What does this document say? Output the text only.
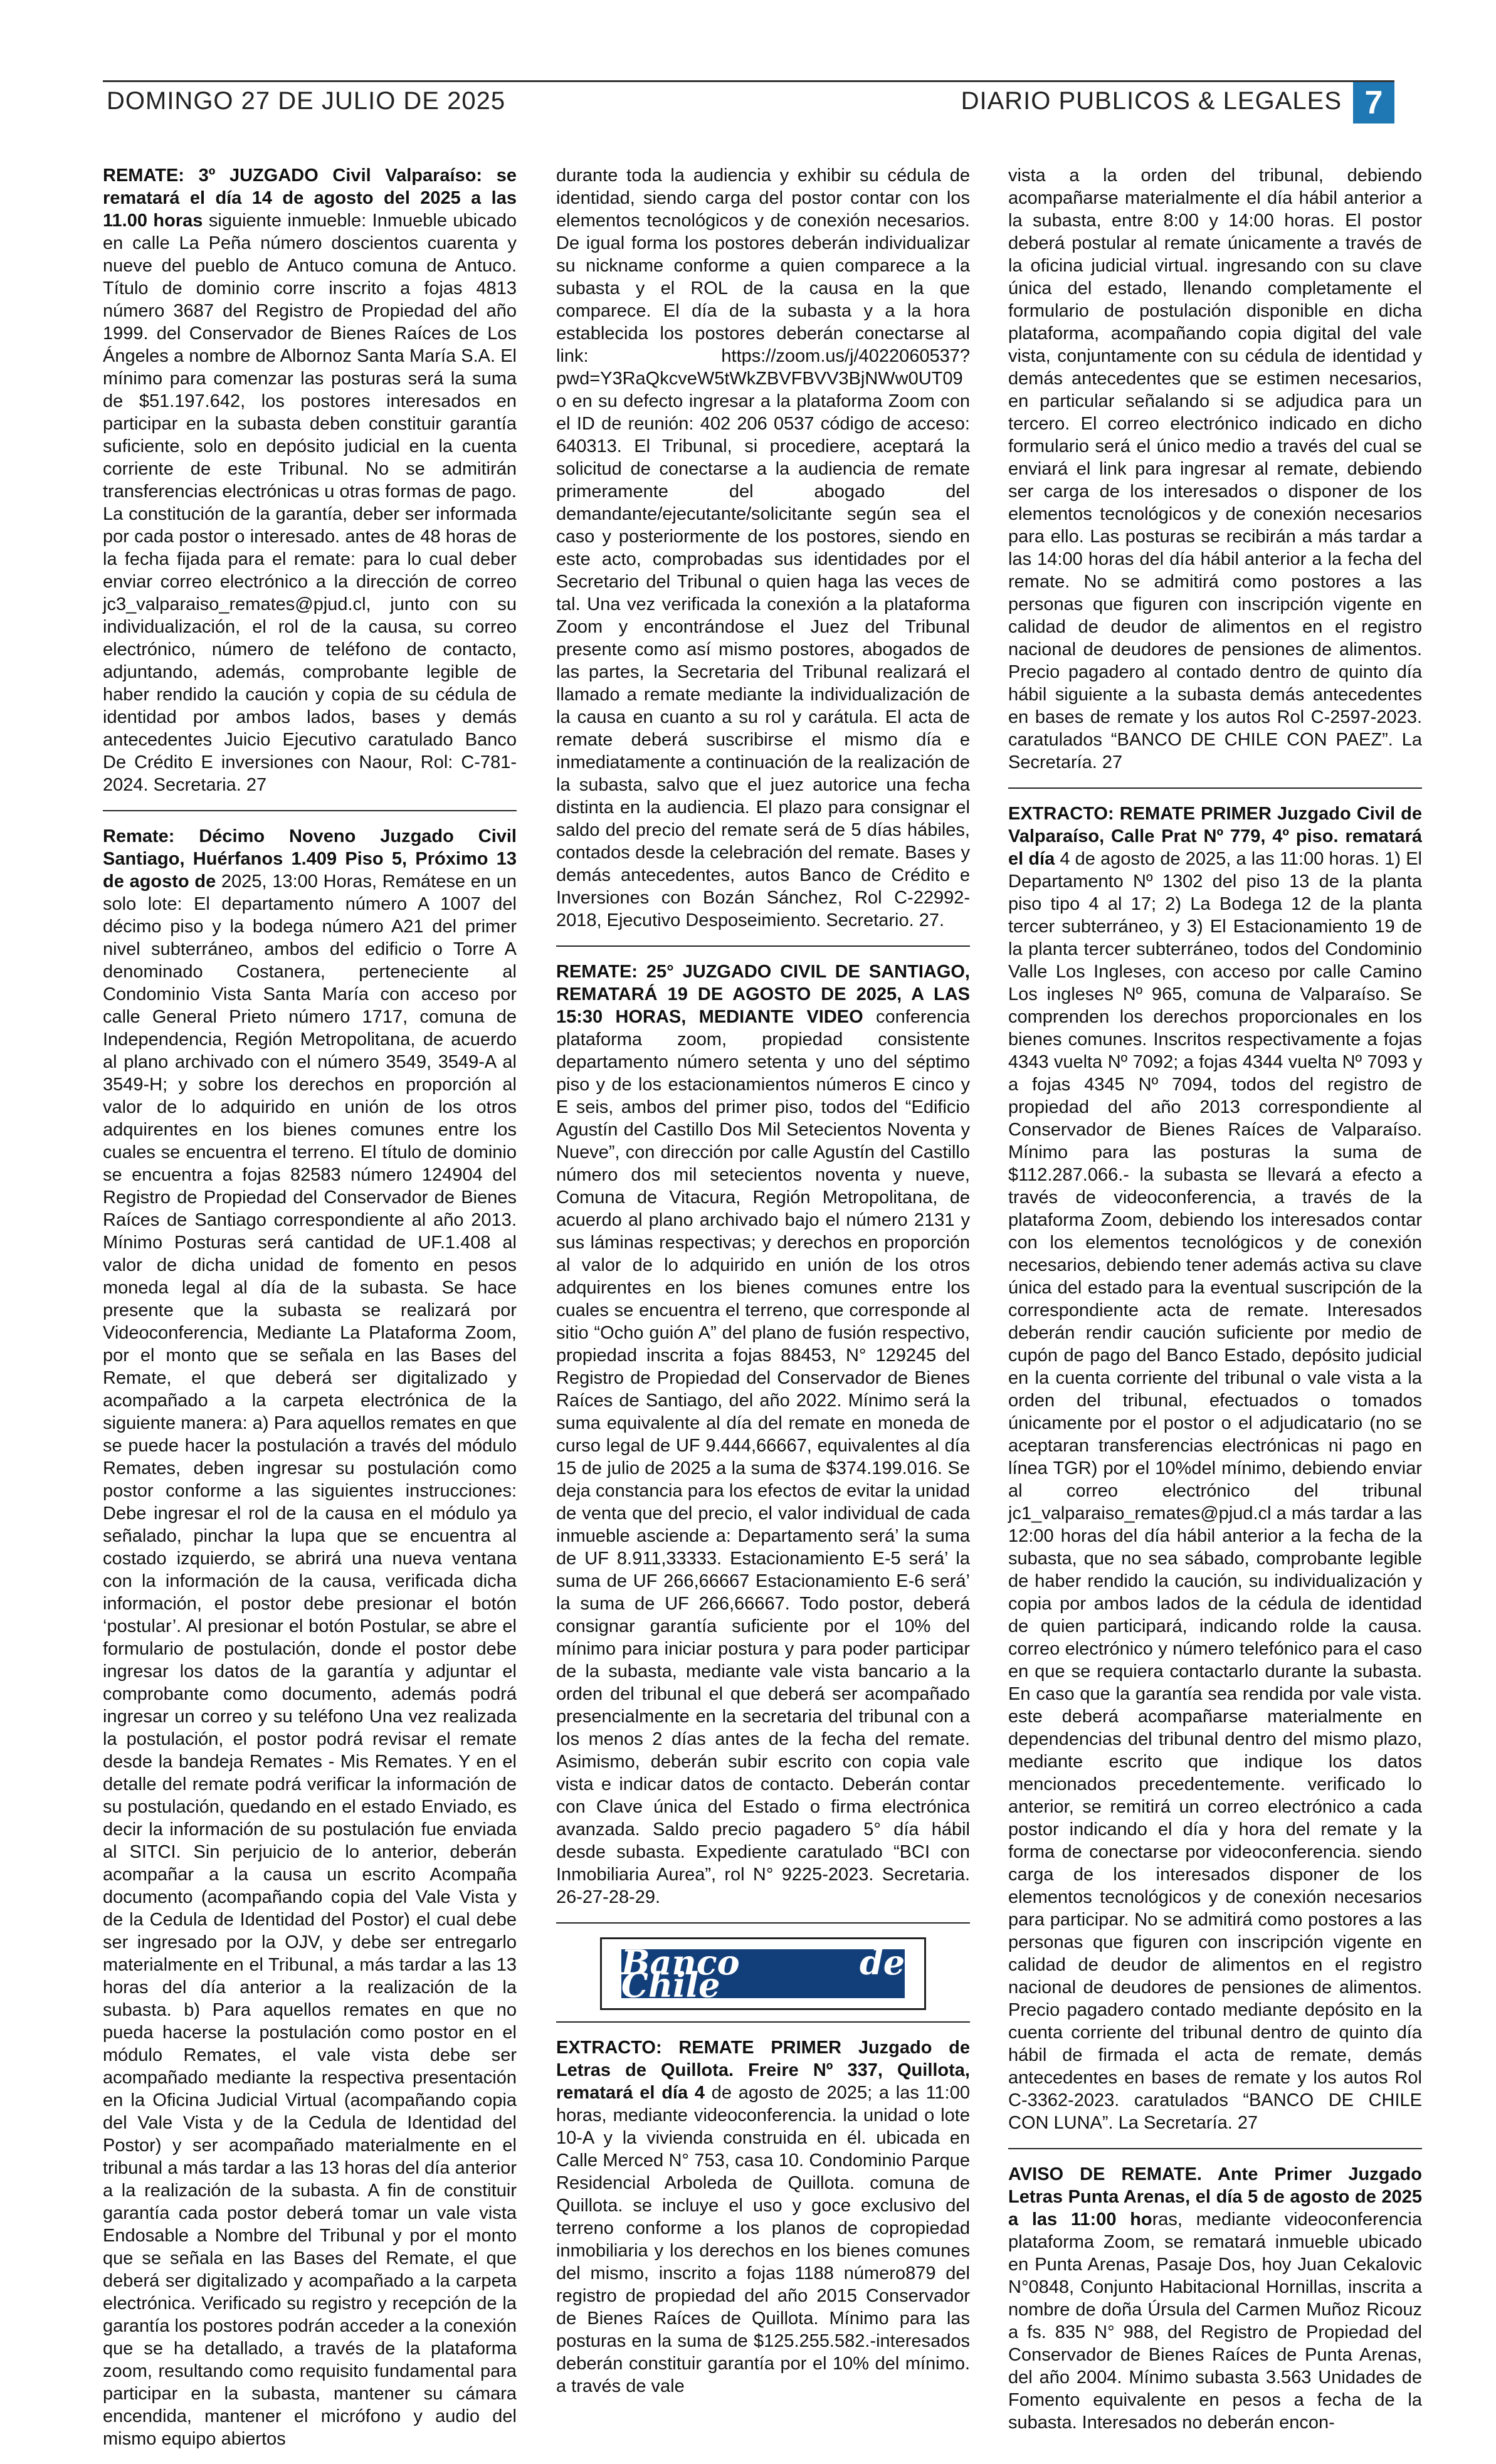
DOMINGO 27 DE JULIO DE 2025	DIARIO PUBLICOS & LEGALES 7

REMATE: 3º JUZGADO Civil Valparaíso: se rematará el día 14 de agosto del 2025 a las 11.00 horas siguiente inmueble: Inmueble ubicado en calle La Peña número doscientos cuarenta y nueve del pueblo de Antuco comuna de Antuco. Título de dominio corre inscrito a fojas 4813 número 3687 del Registro de Propiedad del año 1999. del Conservador de Bienes Raíces de Los Ángeles a nombre de Albornoz Santa María S.A. El mínimo para comenzar las posturas será la suma de $51.197.642, los postores interesados en participar en la subasta deben constituir garantía suficiente, solo en depósito judicial en la cuenta corriente de este Tribunal. No se admitirán transferencias electrónicas u otras formas de pago. La constitución de la garantía, deber ser informada por cada postor o interesado. antes de 48 horas de la fecha fijada para el remate: para lo cual deber enviar correo electrónico a la dirección de correo jc3_valparaiso_remates@pjud.cl, junto con su individualización, el rol de la causa, su correo electrónico, número de teléfono de contacto, adjuntando, además, comprobante legible de haber rendido la caución y copia de su cédula de identidad por ambos lados, bases y demás antecedentes Juicio Ejecutivo caratulado Banco De Crédito E inversiones con Naour, Rol: C-781-2024. Secretaria. 27

Remate: Décimo Noveno Juzgado Civil Santiago, Huérfanos 1.409 Piso 5, Próximo 13 de agosto de 2025, 13:00 Horas, Remátese en un solo lote: El departamento número A 1007 del décimo piso y la bodega número A21 del primer nivel subterráneo, ambos del edificio o Torre A denominado Costanera, perteneciente al Condominio Vista Santa María con acceso por calle General Prieto número 1717, comuna de Independencia, Región Metropolitana, de acuerdo al plano archivado con el número 3549, 3549-A al 3549-H; y sobre los derechos en proporción al valor de lo adquirido en unión de los otros adquirentes en los bienes comunes entre los cuales se encuentra el terreno. El título de dominio se encuentra a fojas 82583 número 124904 del Registro de Propiedad del Conservador de Bienes Raíces de Santiago correspondiente al año 2013. Mínimo Posturas será cantidad de UF.1.408 al valor de dicha unidad de fomento en pesos moneda legal al día de la subasta. Se hace presente que la subasta se realizará por Videoconferencia, Mediante La Plataforma Zoom, por el monto que se señala en las Bases del Remate, el que deberá ser digitalizado y acompañado a la carpeta electrónica de la siguiente manera: a) Para aquellos remates en que se puede hacer la postulación a través del módulo Remates, deben ingresar su postulación como postor conforme a las siguientes instrucciones: Debe ingresar el rol de la causa en el módulo ya señalado, pinchar la lupa que se encuentra al costado izquierdo, se abrirá una nueva ventana con la información de la causa, verificada dicha información, el postor debe presionar el botón ‘postular’. Al presionar el botón Postular, se abre el formulario de postulación, donde el postor debe ingresar los datos de la garantía y adjuntar el comprobante como documento, además podrá ingresar un correo y su teléfono Una vez realizada la postulación, el postor podrá revisar el remate desde la bandeja Remates - Mis Remates. Y en el detalle del remate podrá verificar la información de su postulación, quedando en el estado Enviado, es decir la información de su postulación fue enviada al SITCI. Sin perjuicio de lo anterior, deberán acompañar a la causa un escrito Acompaña documento (acompañando copia del Vale Vista y de la Cedula de Identidad del Postor) el cual debe ser ingresado por la OJV, y debe ser entregarlo materialmente en el Tribunal, a más tardar a las 13 horas del día anterior a la realización de la subasta. b) Para aquellos remates en que no pueda hacerse la postulación como postor en el módulo Remates, el vale vista debe ser acompañado mediante la respectiva presentación en la Oficina Judicial Virtual (acompañando copia del Vale Vista y de la Cedula de Identidad del Postor) y ser acompañado materialmente en el tribunal a más tardar a las 13 horas del día anterior a la realización de la subasta. A fin de constituir garantía cada postor deberá tomar un vale vista Endosable a Nombre del Tribunal y por el monto que se señala en las Bases del Remate, el que deberá ser digitalizado y acompañado a la carpeta electrónica. Verificado su registro y recepción de la garantía los postores podrán acceder a la conexión que se ha detallado, a través de la plataforma zoom, resultando como requisito fundamental para participar en la subasta, mantener su cámara encendida, mantener el micrófono y audio del mismo equipo abiertos

durante toda la audiencia y exhibir su cédula de identidad, siendo carga del postor contar con los elementos tecnológicos y de conexión necesarios. De igual forma los postores deberán individualizar su nickname conforme a quien comparece a la subasta y el ROL de la causa en la que comparece. El día de la subasta y a la hora establecida los postores deberán conectarse al link: https://zoom.us/j/4022060537?pwd=Y3RaQkcveW5tWkZBVFBVV3BjNWw0UT09 o en su defecto ingresar a la plataforma Zoom con el ID de reunión: 402 206 0537 código de acceso: 640313. El Tribunal, si procediere, aceptará la solicitud de conectarse a la audiencia de remate primeramente del abogado del demandante/ejecutante/solicitante según sea el caso y posteriormente de los postores, siendo en este acto, comprobadas sus identidades por el Secretario del Tribunal o quien haga las veces de tal. Una vez verificada la conexión a la plataforma Zoom y encontrándose el Juez del Tribunal presente como así mismo postores, abogados de las partes, la Secretaria del Tribunal realizará el llamado a remate mediante la individualización de la causa en cuanto a su rol y carátula. El acta de remate deberá suscribirse el mismo día e inmediatamente a continuación de la realización de la subasta, salvo que el juez autorice una fecha distinta en la audiencia. El plazo para consignar el saldo del precio del remate será de 5 días hábiles, contados desde la celebración del remate. Bases y demás antecedentes, autos Banco de Crédito e Inversiones con Bozán Sánchez, Rol C-22992-2018, Ejecutivo Desposeimiento. Secretario. 27.

REMATE: 25° JUZGADO CIVIL DE SANTIAGO, REMATARÁ 19 DE AGOSTO DE 2025, A LAS 15:30 HORAS, MEDIANTE VIDEO conferencia plataforma zoom, propiedad consistente departamento número setenta y uno del séptimo piso y de los estacionamientos números E cinco y E seis, ambos del primer piso, todos del “Edificio Agustín del Castillo Dos Mil Setecientos Noventa y Nueve”, con dirección por calle Agustín del Castillo número dos mil setecientos noventa y nueve, Comuna de Vitacura, Región Metropolitana, de acuerdo al plano archivado bajo el número 2131 y sus láminas respectivas; y derechos en proporción al valor de lo adquirido en unión de los otros adquirentes en los bienes comunes entre los cuales se encuentra el terreno, que corresponde al sitio “Ocho guión A” del plano de fusión respectivo, propiedad inscrita a fojas 88453, N° 129245 del Registro de Propiedad del Conservador de Bienes Raíces de Santiago, del año 2022. Mínimo será la suma equivalente al día del remate en moneda de curso legal de UF 9.444,66667, equivalentes al día 15 de julio de 2025 a la suma de $374.199.016. Se deja constancia para los efectos de evitar la unidad de venta que del precio, el valor individual de cada inmueble asciende a: Departamento será’ la suma de UF 8.911,33333. Estacionamiento E-5 será’ la suma de UF 266,66667 Estacionamiento E-6 será’ la suma de UF 266,66667. Todo postor, deberá consignar garantía suficiente por el 10% del mínimo para iniciar postura y para poder participar de la subasta, mediante vale vista bancario a la orden del tribunal el que deberá ser acompañado presencialmente en la secretaria del tribunal con a los menos 2 días antes de la fecha del remate. Asimismo, deberán subir escrito con copia vale vista e indicar datos de contacto. Deberán contar con Clave única del Estado o firma electrónica avanzada. Saldo precio pagadero 5° día hábil desde subasta. Expediente caratulado “BCI con Inmobiliaria Aurea”, rol N° 9225-2023. Secretaria. 26-27-28-29.

Banco de Chile

EXTRACTO: REMATE PRIMER Juzgado de Letras de Quillota. Freire Nº 337, Quillota, rematará el día 4 de agosto de 2025; a las 11:00 horas, mediante videoconferencia. la unidad o lote 10-A y la vivienda construida en él. ubicada en Calle Merced N° 753, casa 10. Condominio Parque Residencial Arboleda de Quillota. comuna de Quillota. se incluye el uso y goce exclusivo del terreno conforme a los planos de copropiedad inmobiliaria y los derechos en los bienes comunes del mismo, inscrito a fojas 1188 número879 del registro de propiedad del año 2015 Conservador de Bienes Raíces de Quillota. Mínimo para las posturas en la suma de $125.255.582.-interesados deberán constituir garantía por el 10% del mínimo. a través de vale

vista a la orden del tribunal, debiendo acompañarse materialmente el día hábil anterior a la subasta, entre 8:00 y 14:00 horas. El postor deberá postular al remate únicamente a través de la oficina judicial virtual. ingresando con su clave única del estado, llenando completamente el formulario de postulación disponible en dicha plataforma, acompañando copia digital del vale vista, conjuntamente con su cédula de identidad y demás antecedentes que se estimen necesarios, en particular señalando si se adjudica para un tercero. El correo electrónico indicado en dicho formulario será el único medio a través del cual se enviará el link para ingresar al remate, debiendo ser carga de los interesados o disponer de los elementos tecnológicos y de conexión necesarios para ello. Las posturas se recibirán a más tardar a las 14:00 horas del día hábil anterior a la fecha del remate. No se admitirá como postores a las personas que figuren con inscripción vigente en calidad de deudor de alimentos en el registro nacional de deudores de pensiones de alimentos. Precio pagadero al contado dentro de quinto día hábil siguiente a la subasta demás antecedentes en bases de remate y los autos Rol C-2597-2023. caratulados “BANCO DE CHILE CON PAEZ”. La Secretaría. 27

EXTRACTO: REMATE PRIMER Juzgado Civil de Valparaíso, Calle Prat Nº 779, 4º piso. rematará el día 4 de agosto de 2025, a las 11:00 horas. 1) El Departamento Nº 1302 del piso 13 de la planta piso tipo 4 al 17; 2) La Bodega 12 de la planta tercer subterráneo, y 3) El Estacionamiento 19 de la planta tercer subterráneo, todos del Condominio Valle Los Ingleses, con acceso por calle Camino Los ingleses Nº 965, comuna de Valparaíso. Se comprenden los derechos proporcionales en los bienes comunes. Inscritos respectivamente a fojas 4343 vuelta Nº 7092; a fojas 4344 vuelta Nº 7093 y a fojas 4345 Nº 7094, todos del registro de propiedad del año 2013 correspondiente al Conservador de Bienes Raíces de Valparaíso. Mínimo para las posturas la suma de $112.287.066.- la subasta se llevará a efecto a través de videoconferencia, a través de la plataforma Zoom, debiendo los interesados contar con los elementos tecnológicos y de conexión necesarios, debiendo tener además activa su clave única del estado para la eventual suscripción de la correspondiente acta de remate. Interesados deberán rendir caución suficiente por medio de cupón de pago del Banco Estado, depósito judicial en la cuenta corriente del tribunal o vale vista a la orden del tribunal, efectuados o tomados únicamente por el postor o el adjudicatario (no se aceptaran transferencias electrónicas ni pago en línea TGR) por el 10%del mínimo, debiendo enviar al correo electrónico del tribunal jc1_valparaiso_remates@pjud.cl a más tardar a las 12:00 horas del día hábil anterior a la fecha de la subasta, que no sea sábado, comprobante legible de haber rendido la caución, su individualización y copia por ambos lados de la cédula de identidad de quien participará, indicando rolde la causa. correo electrónico y número telefónico para el caso en que se requiera contactarlo durante la subasta. En caso que la garantía sea rendida por vale vista. este deberá acompañarse materialmente en dependencias del tribunal dentro del mismo plazo, mediante escrito que indique los datos mencionados precedentemente. verificado lo anterior, se remitirá un correo electrónico a cada postor indicando el día y hora del remate y la forma de conectarse por videoconferencia. siendo carga de los interesados disponer de los elementos tecnológicos y de conexión necesarios para participar. No se admitirá como postores a las personas que figuren con inscripción vigente en calidad de deudor de alimentos en el registro nacional de deudores de pensiones de alimentos. Precio pagadero contado mediante depósito en la cuenta corriente del tribunal dentro de quinto día hábil de firmada el acta de remate, demás antecedentes en bases de remate y los autos Rol C-3362-2023. caratulados “BANCO DE CHILE CON LUNA”. La Secretaría. 27

AVISO DE REMATE. Ante Primer Juzgado Letras Punta Arenas, el día 5 de agosto de 2025 a las 11:00 horas, mediante videoconferencia plataforma Zoom, se rematará inmueble ubicado en Punta Arenas, Pasaje Dos, hoy Juan Cekalovic N°0848, Conjunto Habitacional Hornillas, inscrita a nombre de doña Úrsula del Carmen Muñoz Ricouz a fs. 835 N° 988, del Registro de Propiedad del Conservador de Bienes Raíces de Punta Arenas, del año 2004. Mínimo subasta 3.563 Unidades de Fomento equivalente en pesos a fecha de la subasta. Interesados no deberán encon-
